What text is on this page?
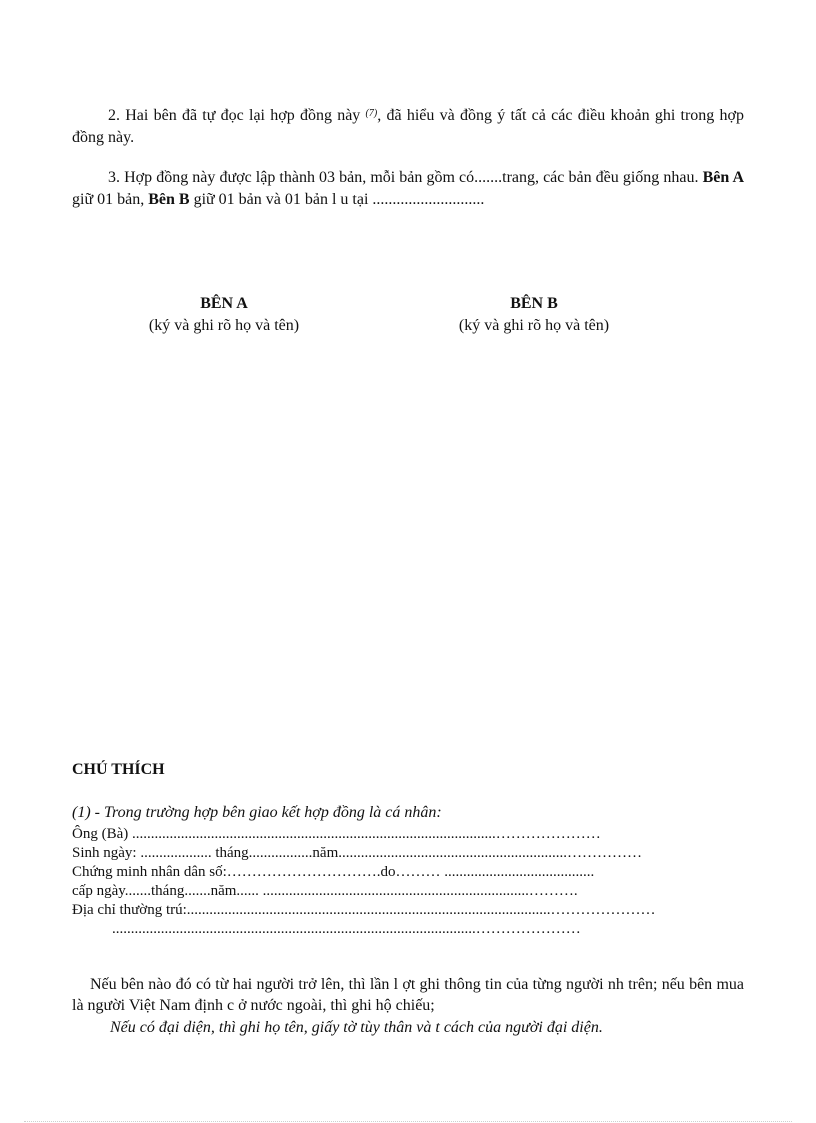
2. Hai bên đã tự đọc lại hợp đồng này $^{(7)}$, đã hiểu và đồng ý tất cả các điều khoản ghi trong hợp đồng này.
3. Hợp đồng này được lập thành 03 bản, mỗi bản gồm có.......trang, các bản đều giống nhau. Bên A giữ 01 bản, Bên B giữ 01 bản và 01 bản l u tại ............................
BÊN A
(ký và ghi rõ họ và tên)
BÊN B
(ký và ghi rõ họ và tên)
CHÚ THÍCH
(1) - Trong trường hợp bên giao kết hợp đồng là cá nhân:
Ông (Bà) .................................................................................................…………………
Sinh ngày: ................... tháng.................năm.............................................................……………
Chứng minh nhân dân số:………………………….do……… ........................................
cấp ngày.......tháng.......năm...... .......................................................................……….
Địa chỉ thường trú:.................................................................................................…………………
.................................................................................................…………………
Nếu bên nào đó có từ hai người trở lên, thì lần l ợt ghi thông tin của từng người nh trên; nếu bên mua là người Việt Nam định c ở nước ngoài, thì ghi hộ chiếu;
Nếu có đại diện, thì ghi họ tên, giấy tờ tùy thân và t cách của người đại diện.
